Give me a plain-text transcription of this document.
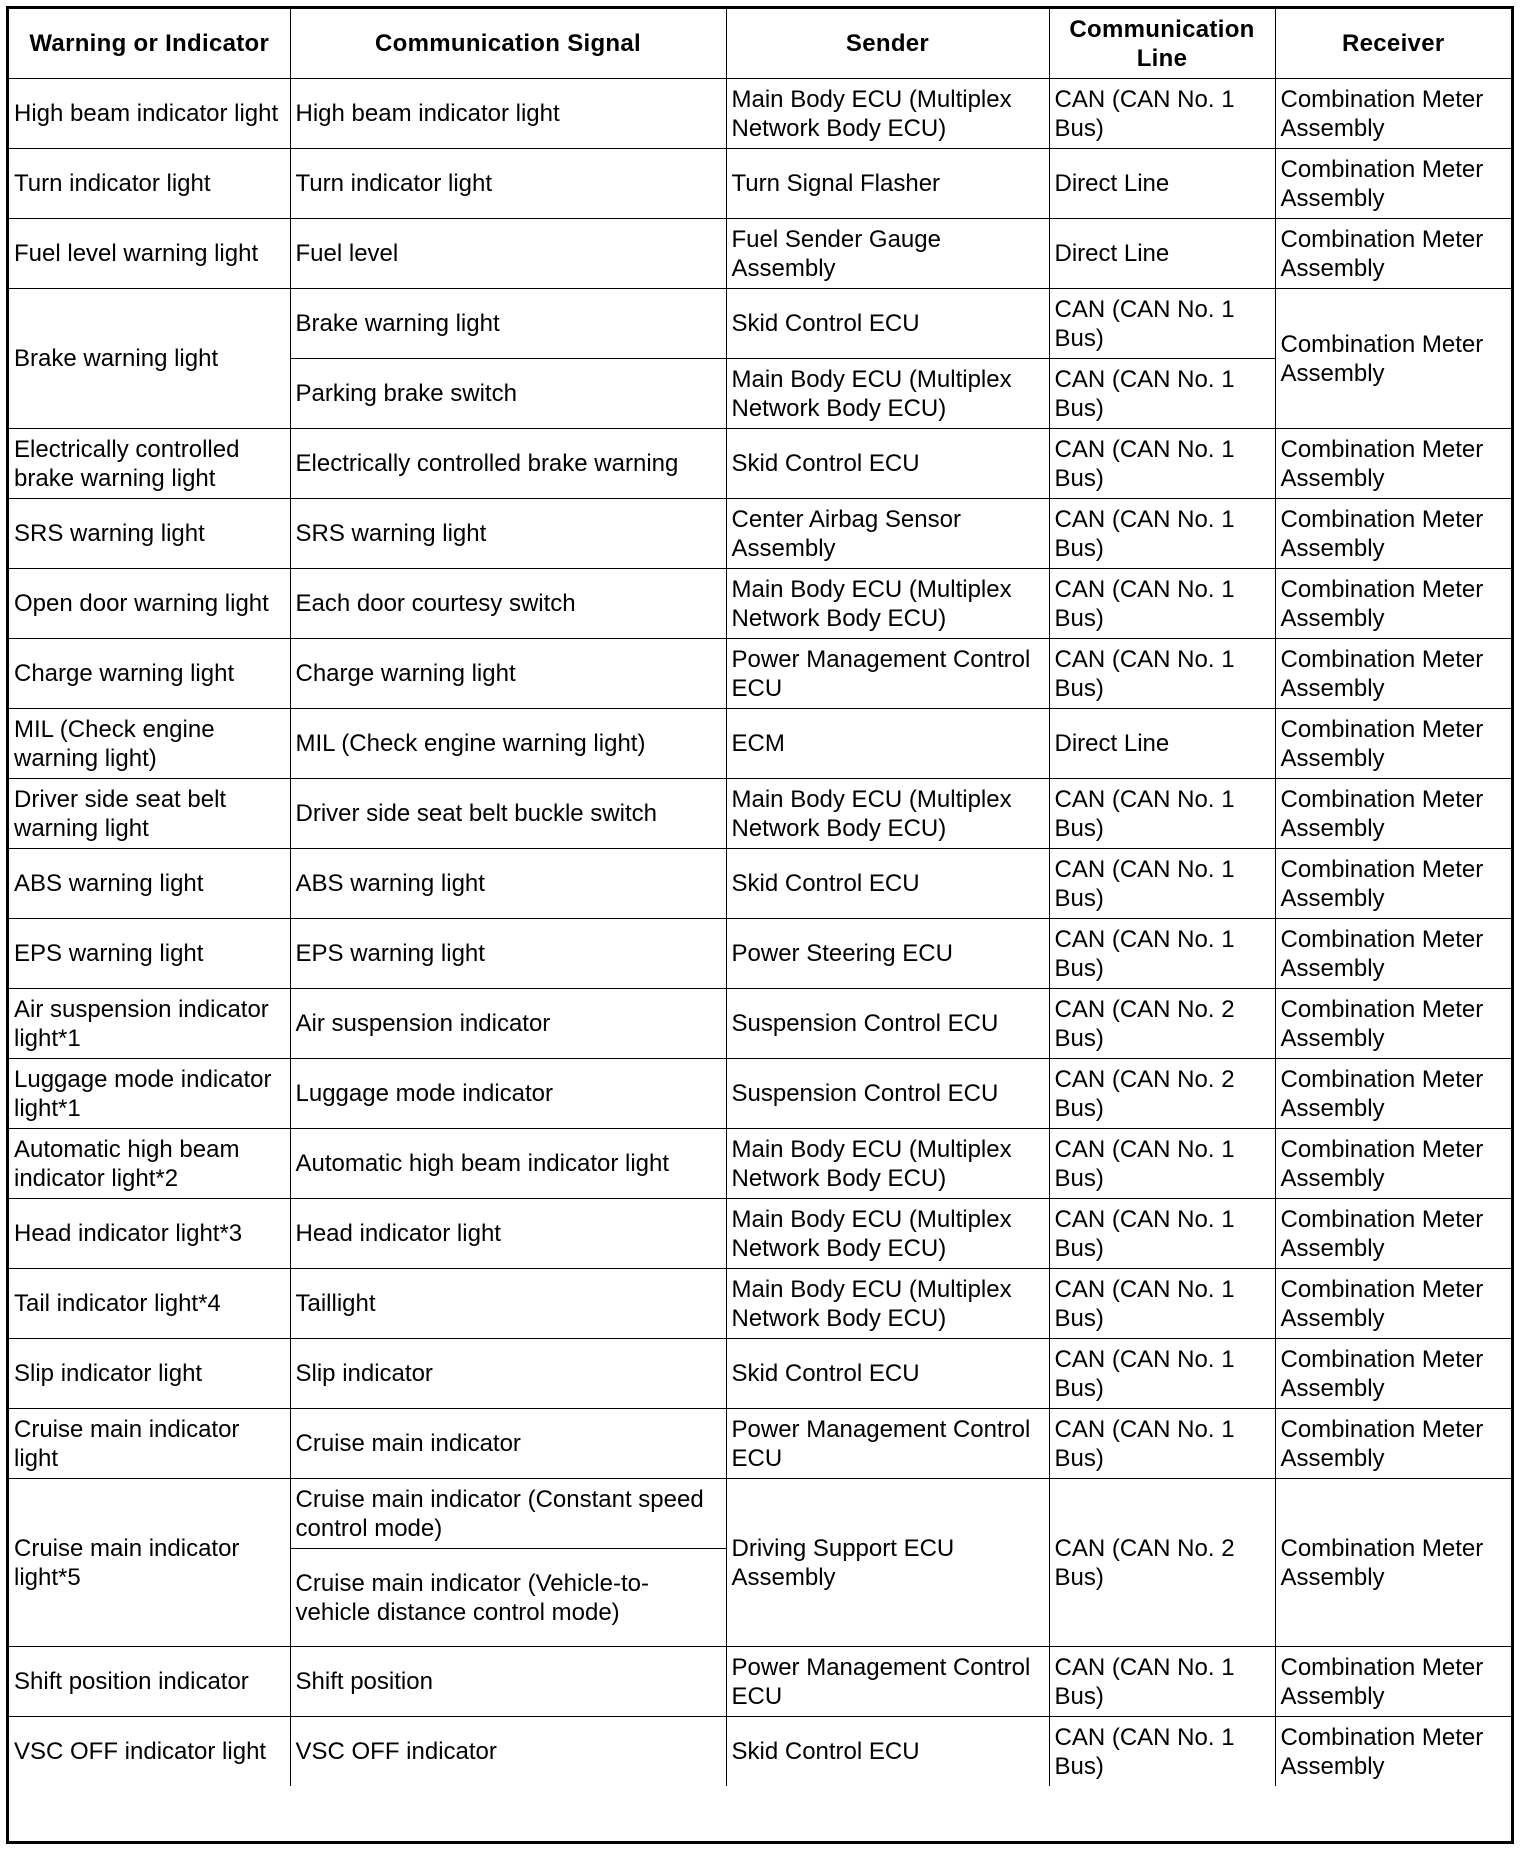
Warning or Indicator	Communication Signal	Sender	Communication Line	Receiver
High beam indicator light	High beam indicator light	Main Body ECU (Multiplex Network Body ECU)	CAN (CAN No. 1 Bus)	Combination Meter Assembly
Turn indicator light	Turn indicator light	Turn Signal Flasher	Direct Line	Combination Meter Assembly
Fuel level warning light	Fuel level	Fuel Sender Gauge Assembly	Direct Line	Combination Meter Assembly
Brake warning light	Brake warning light	Skid Control ECU	CAN (CAN No. 1 Bus)	Combination Meter Assembly
	Parking brake switch	Main Body ECU (Multiplex Network Body ECU)	CAN (CAN No. 1 Bus)	
Electrically controlled brake warning light	Electrically controlled brake warning	Skid Control ECU	CAN (CAN No. 1 Bus)	Combination Meter Assembly
SRS warning light	SRS warning light	Center Airbag Sensor Assembly	CAN (CAN No. 1 Bus)	Combination Meter Assembly
Open door warning light	Each door courtesy switch	Main Body ECU (Multiplex Network Body ECU)	CAN (CAN No. 1 Bus)	Combination Meter Assembly
Charge warning light	Charge warning light	Power Management Control ECU	CAN (CAN No. 1 Bus)	Combination Meter Assembly
MIL (Check engine warning light)	MIL (Check engine warning light)	ECM	Direct Line	Combination Meter Assembly
Driver side seat belt warning light	Driver side seat belt buckle switch	Main Body ECU (Multiplex Network Body ECU)	CAN (CAN No. 1 Bus)	Combination Meter Assembly
ABS warning light	ABS warning light	Skid Control ECU	CAN (CAN No. 1 Bus)	Combination Meter Assembly
EPS warning light	EPS warning light	Power Steering ECU	CAN (CAN No. 1 Bus)	Combination Meter Assembly
Air suspension indicator light*1	Air suspension indicator	Suspension Control ECU	CAN (CAN No. 2 Bus)	Combination Meter Assembly
Luggage mode indicator light*1	Luggage mode indicator	Suspension Control ECU	CAN (CAN No. 2 Bus)	Combination Meter Assembly
Automatic high beam indicator light*2	Automatic high beam indicator light	Main Body ECU (Multiplex Network Body ECU)	CAN (CAN No. 1 Bus)	Combination Meter Assembly
Head indicator light*3	Head indicator light	Main Body ECU (Multiplex Network Body ECU)	CAN (CAN No. 1 Bus)	Combination Meter Assembly
Tail indicator light*4	Taillight	Main Body ECU (Multiplex Network Body ECU)	CAN (CAN No. 1 Bus)	Combination Meter Assembly
Slip indicator light	Slip indicator	Skid Control ECU	CAN (CAN No. 1 Bus)	Combination Meter Assembly
Cruise main indicator light	Cruise main indicator	Power Management Control ECU	CAN (CAN No. 1 Bus)	Combination Meter Assembly
Cruise main indicator light*5	Cruise main indicator (Constant speed control mode)	Driving Support ECU Assembly	CAN (CAN No. 2 Bus)	Combination Meter Assembly
	Cruise main indicator (Vehicle-to-vehicle distance control mode)			
Shift position indicator	Shift position	Power Management Control ECU	CAN (CAN No. 1 Bus)	Combination Meter Assembly
VSC OFF indicator light	VSC OFF indicator	Skid Control ECU	CAN (CAN No. 1 Bus)	Combination Meter Assembly
